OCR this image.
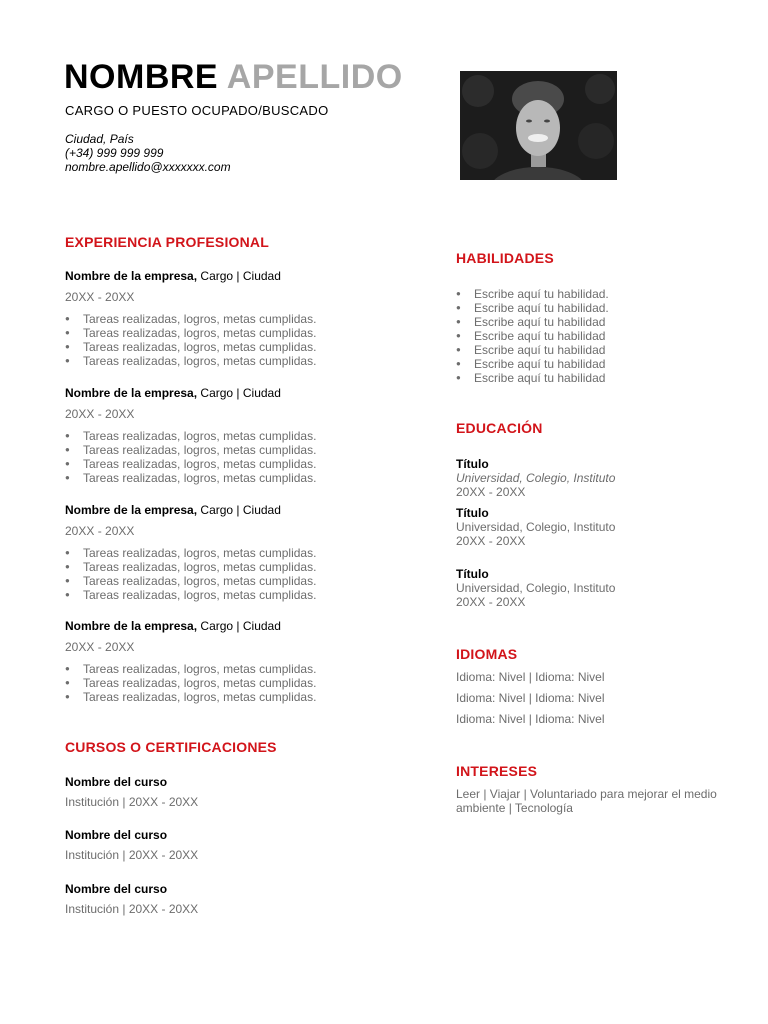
NOMBRE APELLIDO
CARGO O PUESTO OCUPADO/BUSCADO
Ciudad, País
(+34) 999 999 999
nombre.apellido@xxxxxxx.com
EXPERIENCIA PROFESIONAL
Nombre de la empresa, Cargo | Ciudad
20XX - 20XX
● Tareas realizadas, logros, metas cumplidas.
● Tareas realizadas, logros, metas cumplidas.
● Tareas realizadas, logros, metas cumplidas.
● Tareas realizadas, logros, metas cumplidas.
Nombre de la empresa, Cargo | Ciudad
20XX - 20XX
● Tareas realizadas, logros, metas cumplidas.
● Tareas realizadas, logros, metas cumplidas.
● Tareas realizadas, logros, metas cumplidas.
● Tareas realizadas, logros, metas cumplidas.
Nombre de la empresa, Cargo | Ciudad
20XX - 20XX
● Tareas realizadas, logros, metas cumplidas.
● Tareas realizadas, logros, metas cumplidas.
● Tareas realizadas, logros, metas cumplidas.
● Tareas realizadas, logros, metas cumplidas.
Nombre de la empresa, Cargo | Ciudad
20XX - 20XX
● Tareas realizadas, logros, metas cumplidas.
● Tareas realizadas, logros, metas cumplidas.
● Tareas realizadas, logros, metas cumplidas.
CURSOS O CERTIFICACIONES
Nombre del curso
Institución | 20XX - 20XX
Nombre del curso
Institución | 20XX - 20XX
Nombre del curso
Institución | 20XX - 20XX
HABILIDADES
● Escribe aquí tu habilidad.
● Escribe aquí tu habilidad.
● Escribe aquí tu habilidad
● Escribe aquí tu habilidad
● Escribe aquí tu habilidad
● Escribe aquí tu habilidad
● Escribe aquí tu habilidad
EDUCACIÓN
Título
Universidad, Colegio, Instituto
20XX - 20XX
Título
Universidad, Colegio, Instituto
20XX - 20XX
Título
Universidad, Colegio, Instituto
20XX - 20XX
IDIOMAS
Idioma: Nivel | Idioma: Nivel
Idioma: Nivel | Idioma: Nivel
Idioma: Nivel | Idioma: Nivel
INTERESES
Leer | Viajar | Voluntariado para mejorar el medio ambiente | Tecnología
